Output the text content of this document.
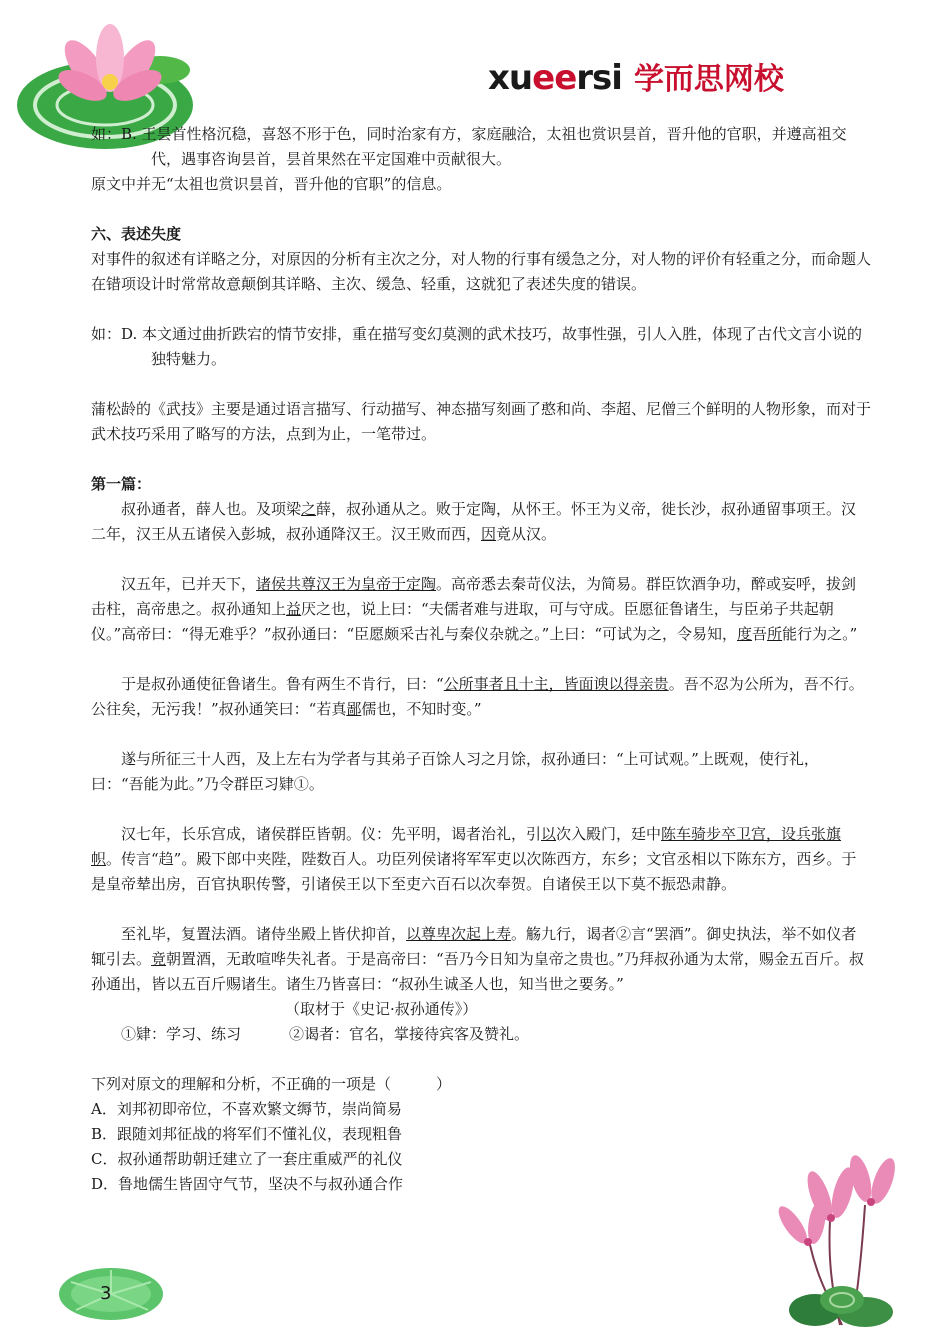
xueersi 学而思网校

如：B. 王昙首性格沉稳，喜怒不形于色，同时治家有方，家庭融洽，太祖也赏识昙首，晋升他的官职，并遵高祖交代，遇事咨询昙首，昙首果然在平定国难中贡献很大。

原文中并无“太祖也赏识昙首，晋升他的官职”的信息。

六、表述失度

对事件的叙述有详略之分，对原因的分析有主次之分，对人物的行事有缓急之分，对人物的评价有轻重之分，而命题人在错项设计时常常故意颠倒其详略、主次、缓急、轻重，这就犯了表述失度的错误。

如：D. 本文通过曲折跌宕的情节安排，重在描写变幻莫测的武术技巧，故事性强，引人入胜，体现了古代文言小说的独特魅力。

蒲松龄的《武技》主要是通过语言描写、行动描写、神态描写刻画了憨和尚、李超、尼僧三个鲜明的人物形象，而对于武术技巧采用了略写的方法，点到为止，一笔带过。

第一篇：

叔孙通者，薛人也。及项梁之薛，叔孙通从之。败于定陶，从怀王。怀王为义帝，徙长沙，叔孙通留事项王。汉二年，汉王从五诸侯入彭城，叔孙通降汉王。汉王败而西，因竟从汉。

汉五年，已并天下，诸侯共尊汉王为皇帝于定陶。高帝悉去秦苛仪法，为简易。群臣饮酒争功，醉或妄呼，拔剑击柱，高帝患之。叔孙通知上益厌之也，说上曰：“夫儒者难与进取，可与守成。臣愿征鲁诸生，与臣弟子共起朝仪。”高帝曰：“得无难乎？”叔孙通曰：“臣愿颇采古礼与秦仪杂就之。”上曰：“可试为之，令易知，度吾所能行为之。”

于是叔孙通使征鲁诸生。鲁有两生不肯行，曰：“公所事者且十主，皆面谀以得亲贵。吾不忍为公所为，吾不行。公往矣，无污我！”叔孙通笑曰：“若真鄙儒也，不知时变。”

遂与所征三十人西，及上左右为学者与其弟子百馀人习之月馀，叔孙通曰：“上可试观。”上既观，使行礼，曰：“吾能为此。”乃令群臣习肄①。

汉七年，长乐宫成，诸侯群臣皆朝。仪：先平明，谒者治礼，引以次入殿门，廷中陈车骑步卒卫宫，设兵张旗帜。传言“趋”。殿下郎中夹陛，陛数百人。功臣列侯诸将军军吏以次陈西方，东乡；文官丞相以下陈东方，西乡。于是皇帝辇出房，百官执职传警，引诸侯王以下至吏六百石以次奉贺。自诸侯王以下莫不振恐肃静。

至礼毕，复置法酒。诸侍坐殿上皆伏抑首，以尊卑次起上寿。觞九行，谒者②言“罢酒”。御史执法，举不如仪者辄引去。竟朝置酒，无敢喧哗失礼者。于是高帝曰：“吾乃今日知为皇帝之贵也。”乃拜叔孙通为太常，赐金五百斤。叔孙通出，皆以五百斤赐诸生。诸生乃皆喜曰：“叔孙生诚圣人也，知当世之要务。”

（取材于《史记·叔孙通传》）

①肄：学习、练习	②谒者：官名，掌接待宾客及赞礼。

下列对原文的理解和分析，不正确的一项是（　　　）

A．刘邦初即帝位，不喜欢繁文缛节，崇尚简易

B．跟随刘邦征战的将军们不懂礼仪，表现粗鲁

C．叔孙通帮助朝迁建立了一套庄重威严的礼仪

D．鲁地儒生皆固守气节，坚决不与叔孙通合作

3
